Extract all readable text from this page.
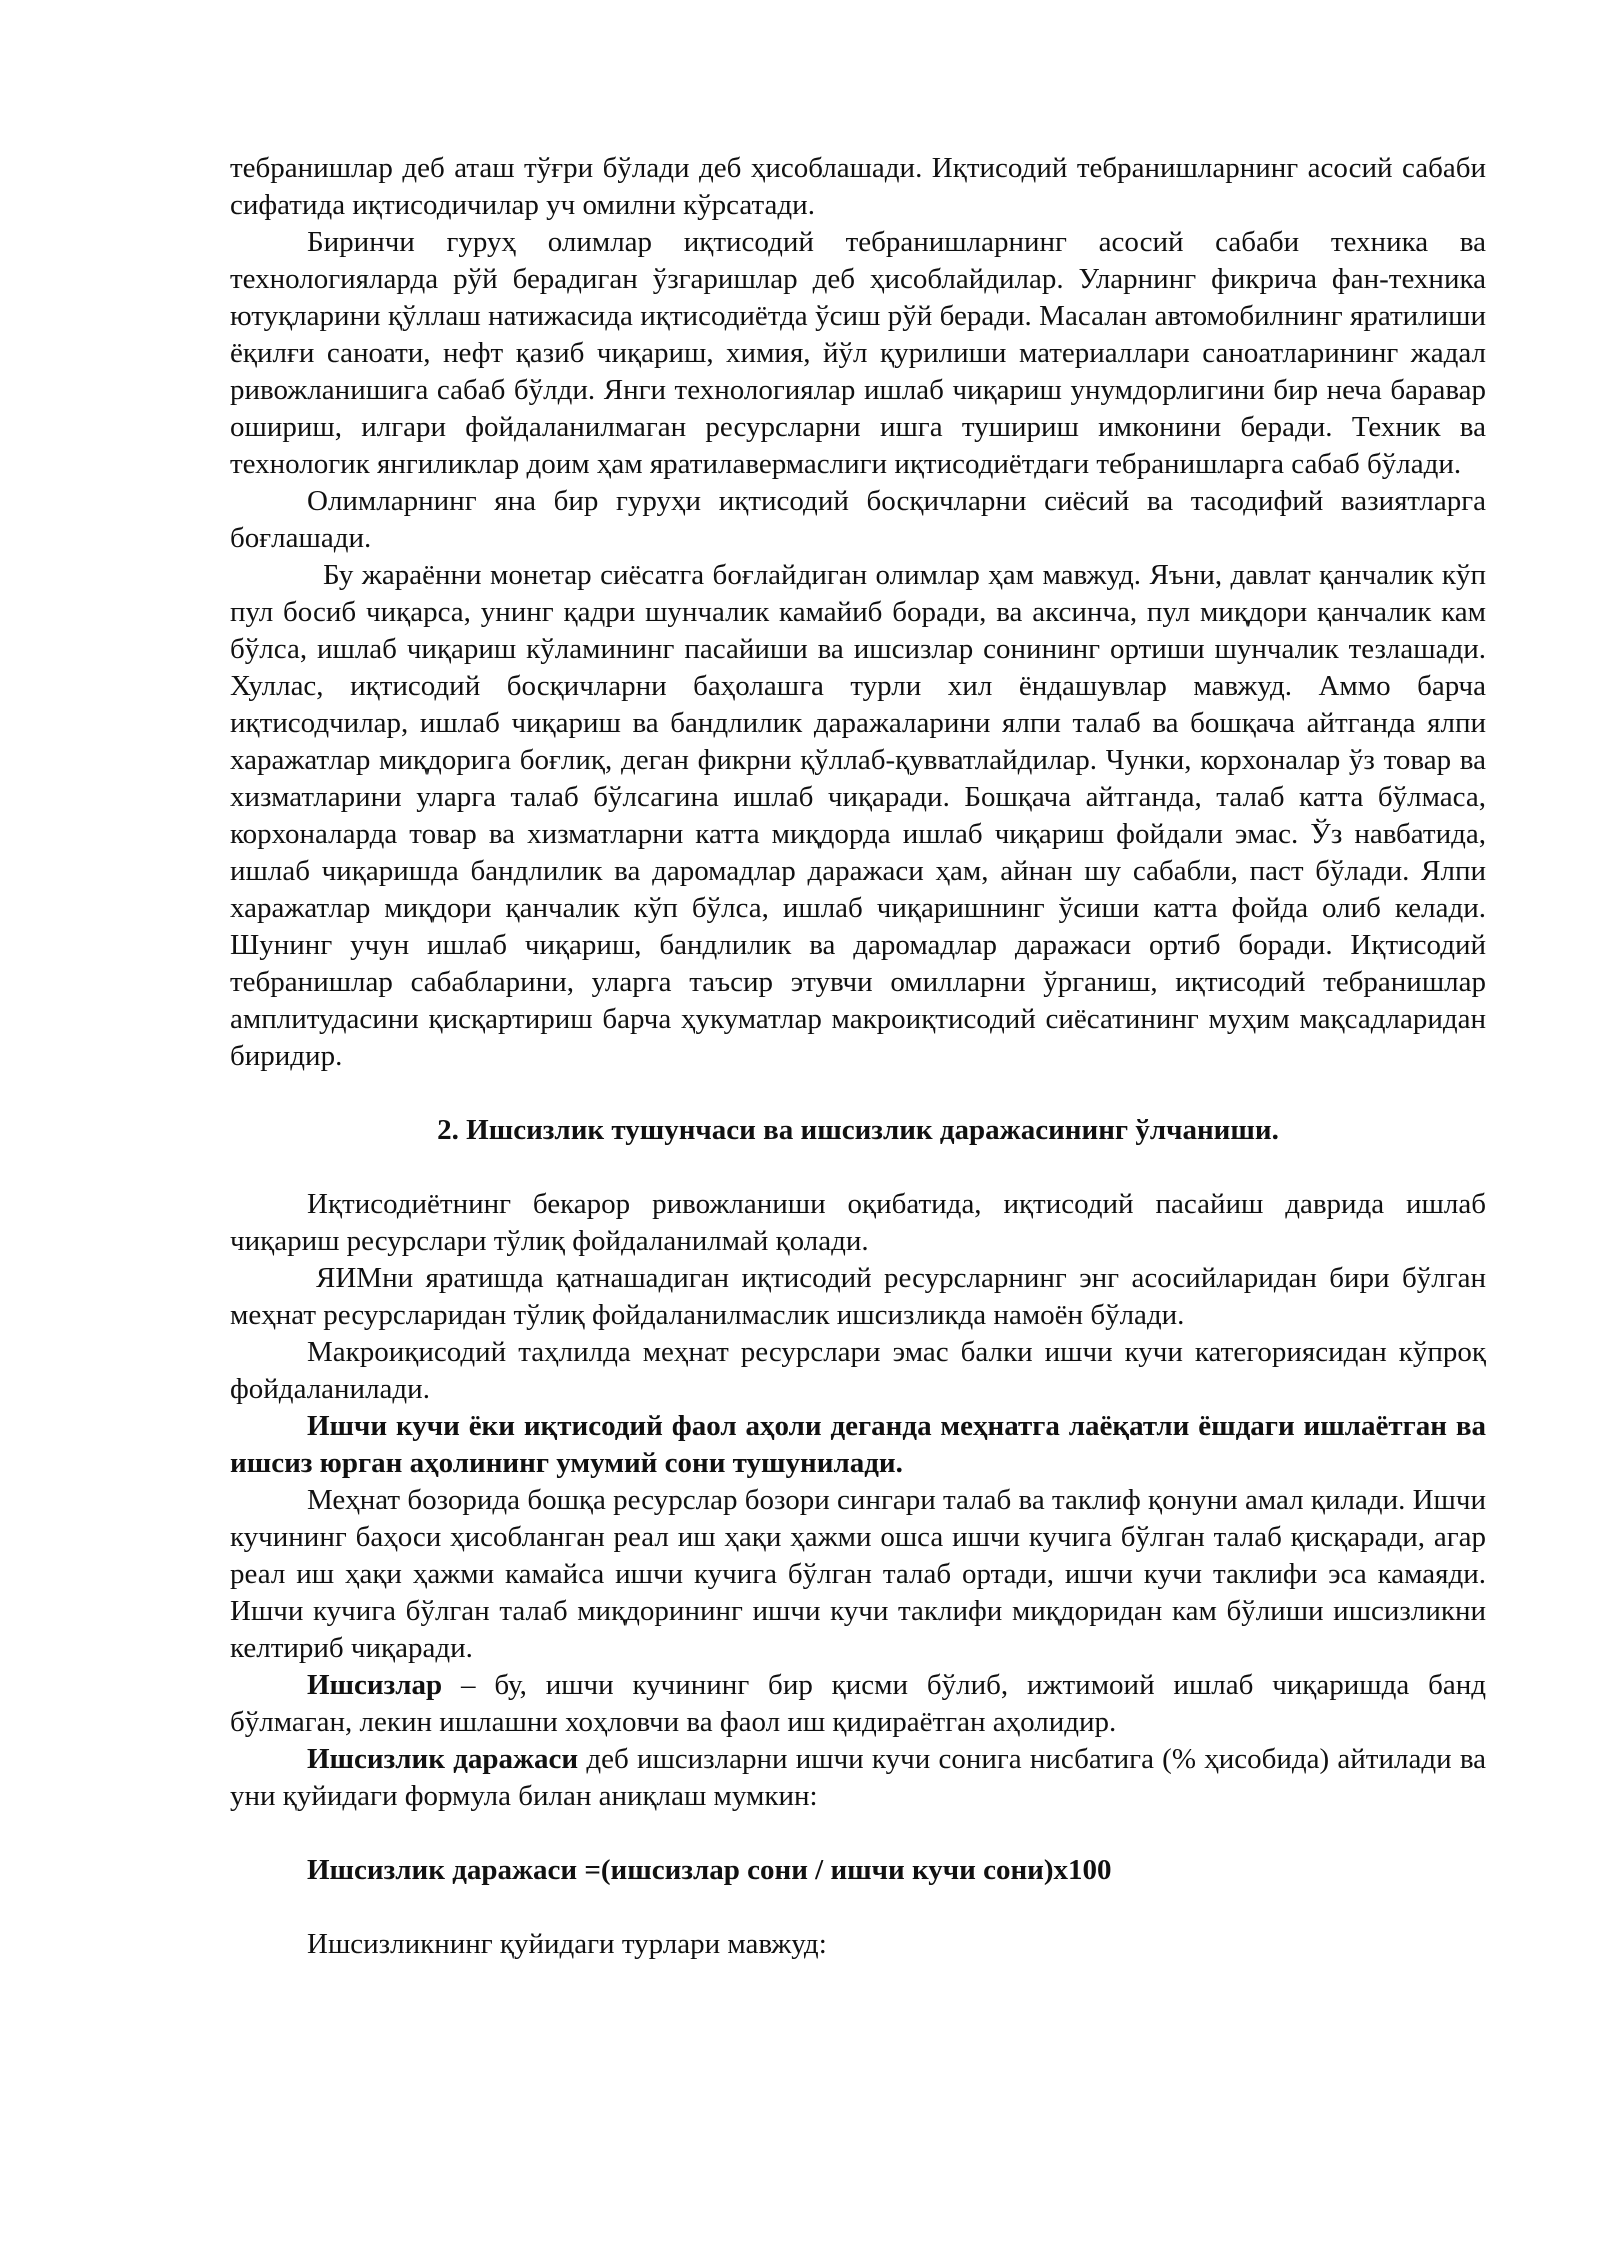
тебранишлар деб аташ тўғри бўлади деб ҳисоблашади. Иқтисодий тебранишларнинг асосий сабаби сифатида иқтисодичилар уч омилни кўрсатади.

Биринчи гуруҳ олимлар иқтисодий тебранишларнинг асосий сабаби техника ва технологияларда рўй берадиган ўзгаришлар деб ҳисоблайдилар. Уларнинг фикрича фан-техника ютуқларини қўллаш натижасида иқтисодиётда ўсиш рўй беради. Масалан автомобилнинг яратилиши ёқилғи саноати, нефт қазиб чиқариш, химия, йўл қурилиши материаллари саноатларининг жадал ривожланишига сабаб бўлди. Янги технологиялар ишлаб чиқариш унумдорлигини бир неча баравар ошириш, илгари фойдаланилмаган ресурсларни ишга тушириш имконини беради. Техник ва технологик янгиликлар доим ҳам яратилавермаслиги иқтисодиётдаги тебранишларга сабаб бўлади.

Олимларнинг яна бир гуруҳи иқтисодий босқичларни сиёсий ва тасодифий вазиятларга боғлашади.

Бу жараённи монетар сиёсатга боғлайдиган олимлар ҳам мавжуд. Яъни, давлат қанчалик кўп пул босиб чиқарса, унинг қадри шунчалик камайиб боради, ва аксинча, пул миқдори қанчалик кам бўлса, ишлаб чиқариш кўламининг пасайиши ва ишсизлар сонининг ортиши шунчалик тезлашади. Хуллас, иқтисодий босқичларни баҳолашга турли хил ёндашувлар мавжуд. Аммо барча иқтисодчилар, ишлаб чиқариш ва бандлилик даражаларини ялпи талаб ва бошқача айтганда ялпи харажатлар миқдорига боғлиқ, деган фикрни қўллаб-қувватлайдилар. Чунки, корхоналар ўз товар ва хизматларини уларга талаб бўлсагина ишлаб чиқаради. Бошқача айтганда, талаб катта бўлмаса, корхоналарда товар ва хизматларни катта миқдорда ишлаб чиқариш фойдали эмас. Ўз навбатида, ишлаб чиқаришда бандлилик ва даромадлар даражаси ҳам, айнан шу сабабли, паст бўлади. Ялпи харажатлар миқдори қанчалик кўп бўлса, ишлаб чиқаришнинг ўсиши катта фойда олиб келади. Шунинг учун ишлаб чиқариш, бандлилик ва даромадлар даражаси ортиб боради. Иқтисодий тебранишлар сабабларини, уларга таъсир этувчи омилларни ўрганиш, иқтисодий тебранишлар амплитудасини қисқартириш барча ҳукуматлар макроиқтисодий сиёсатининг муҳим мақсадларидан биридир.

2. Ишсизлик тушунчаси ва ишсизлик даражасининг ўлчаниши.

Иқтисодиётнинг бекарор ривожланиши оқибатида, иқтисодий пасайиш даврида ишлаб чиқариш ресурслари тўлиқ фойдаланилмай қолади.

ЯИМни яратишда қатнашадиган иқтисодий ресурсларнинг энг асосийларидан бири бўлган меҳнат ресурсларидан тўлиқ фойдаланилмаслик ишсизликда намоён бўлади.

Макроиқисодий таҳлилда меҳнат ресурслари эмас балки ишчи кучи категориясидан кўпроқ фойдаланилади.

Ишчи кучи ёки иқтисодий фаол аҳоли деганда меҳнатга лаёқатли ёшдаги ишлаётган ва ишсиз юрган аҳолининг умумий сони тушунилади.

Меҳнат бозорида бошқа ресурслар бозори сингари талаб ва таклиф қонуни амал қилади. Ишчи кучининг баҳоси ҳисобланган реал иш ҳақи ҳажми ошса ишчи кучига бўлган талаб қисқаради, агар реал иш ҳақи ҳажми камайса ишчи кучига бўлган талаб ортади, ишчи кучи таклифи эса камаяди. Ишчи кучига бўлган талаб миқдорининг ишчи кучи таклифи миқдоридан кам бўлиши ишсизликни келтириб чиқаради.

Ишсизлар – бу, ишчи кучининг бир қисми бўлиб, ижтимоий ишлаб чиқаришда банд бўлмаган, лекин ишлашни хоҳловчи ва фаол иш қидираётган аҳолидир.

Ишсизлик даражаси деб ишсизларни ишчи кучи сонига нисбатига (% ҳисобида) айтилади ва уни қуйидаги формула билан аниқлаш мумкин:

Ишсизлик даражаси =(ишсизлар сони / ишчи кучи сони)х100

Ишсизликнинг қуйидаги турлари мавжуд:
